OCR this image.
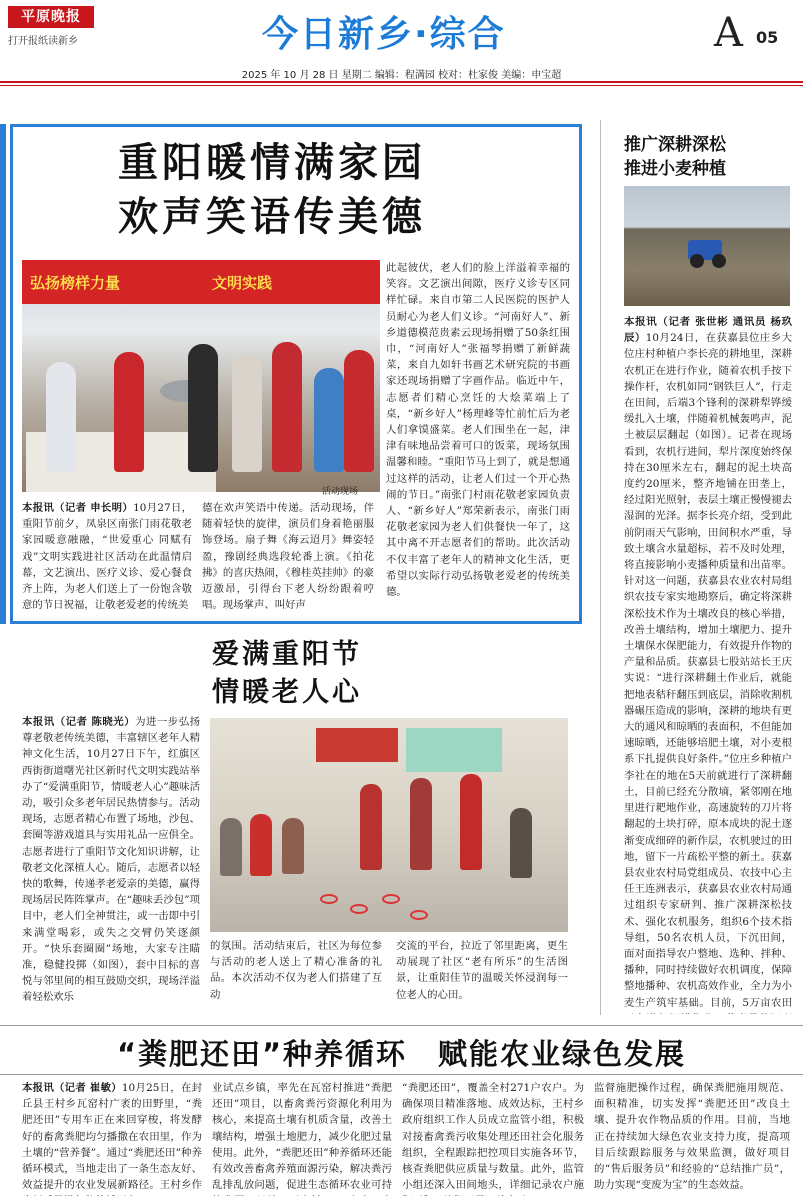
平原晚报
打开报纸读新乡	今日新乡·综合	A 05
2025 年 10 月 28 日 星期二 编辑：程满园 校对：杜家俊 美编：申宝超
重阳暖情满家园
欢声笑语传美德
弘扬榜样力量	文明实践
活动现场
本报讯（记者 申长明）10月27日，重阳节前夕，凤泉区南张门雨花敬老家园暖意融融，“世爱重心 同赋有戏”文明实践进社区活动在此温情启幕，文艺演出、医疗义诊、爱心餐食齐上阵，为老人们送上了一份饱含敬意的节日祝福，让敬老爱老的传统美
德在欢声笑语中传递。活动现场，伴随着轻快的旋律，演员们身着艳丽服饰登场。扇子舞《海云迢月》舞姿轻盈，豫剧经典选段轮番上演。《拍花拂》的喜庆热闹，《穆桂英挂帅》的豪迈激昂，引得台下老人纷纷跟着哼唱。现场掌声、叫好声
此起彼伏，老人们的脸上洋溢着幸福的笑容。文艺演出间隙，医疗义诊专区同样忙碌。来自市第二人民医院的医护人员耐心为老人们义诊。“河南好人”、新乡道德模范贵素云现场捐赠了50条红围巾，“河南好人”张福琴捐赠了新鲜蔬菜，来自九如轩书画艺术研究院的书画家还现场捐赠了字画作品。临近中午，志愿者们精心烹饪的大烩菜端上了桌，“新乡好人”杨理峰等忙前忙后为老人们拿馍盛菜。老人们围坐在一起，津津有味地品尝着可口的饭菜，现场氛围温馨和睦。“重阳节马上到了，就是想通过这样的活动，让老人们过一个开心热闹的节日。”南张门村雨花敬老家园负责人、“新乡好人”郑荣新表示，南张门雨花敬老家园为老人们供餐快一年了，这其中离不开志愿者们的帮助。此次活动不仅丰富了老年人的精神文化生活，更希望以实际行动弘扬敬老爱老的传统美德。
爱满重阳节
情暖老人心
本报讯（记者 陈晓光）为进一步弘扬尊老敬老传统美德，丰富辖区老年人精神文化生活，10月27日下午，红旗区西街街道曙光社区新时代文明实践站举办了“爱满重阳节，情暖老人心”趣味活动，吸引众多老年居民热情参与。活动现场，志愿者精心布置了场地，沙包、套圈等游戏道具与实用礼品一应俱全。志愿者进行了重阳节文化知识讲解，让敬老文化深植人心。随后，志愿者以轻快的歌舞，传递孝老爱亲的美德，赢得现场居民阵阵掌声。在“趣味丢沙包”项目中，老人们全神贯注，或一击即中引来满堂喝彩，或失之交臂仍笑逐颜开。“快乐套圈圈”场地，大家专注瞄准，稳健投掷（如图），套中目标的喜悦与邻里间的相互鼓励交织，现场洋溢着轻松欢乐
的氛围。活动结束后，社区为每位参与活动的老人送上了精心准备的礼品。本次活动不仅为老人们搭建了互动
交流的平台，拉近了邻里距离，更生动展现了社区“老有所乐”的生活图景，让重阳佳节的温暖关怀浸润每一位老人的心田。
推广深耕深松
推进小麦种植
本报讯（记者 张世彬 通讯员 杨玖辰）10月24日，在获嘉县位庄乡大位庄村种植户李长亮的耕地里，深耕农机正在进行作业，随着农机手按下操作杆，农机如同“钢铁巨人”，行走在田间，后端3个锋利的深耕犁铧缓缓扎入土壤，伴随着机械轰鸣声，泥土被层层翻起（如图）。记者在现场看到，农机行进间，犁片深度始终保持在30厘米左右，翻起的泥土块高度约20厘米，整齐地铺在田垄上，经过阳光照射，表层土壤正慢慢褪去湿润的光泽。据李长亮介绍，受到此前阴雨天气影响，田间积水严重，导致土壤含水量超标，若不及时处理，将直接影响小麦播种质量和出苗率。针对这一问题，获嘉县农业农村局组织农技专家实地勘察后，确定将深耕深松技术作为土壤改良的核心举措，改善土壤结构，增加土壤肥力、提升土壤保水保肥能力，有效提升作物的产量和品质。获嘉县七股站站长王庆实说：“进行深耕翻土作业后，就能把地表秸秆翻压到底层，消除收割机器碾压造成的影响，深耕的地块有更大的通风和晾晒的表面积，不但能加速晾晒，还能够培肥土壤，对小麦根系下扎提供良好条件。”位庄乡种植户李社在的地在5天前就进行了深耕翻土，目前已经充分散墒，紧邻刚在地里进行耙地作业，高速旋转的刀片将翻起的土块打碎，原本成块的泥土逐渐变成细碎的新作层，农机驶过的田地，留下一片疏松平整的新土。获嘉县农业农村局党组成员、农技中心主任王连洲表示，获嘉县农业农村局通过组织专家研判、推广深耕深松技术、强化农机服务，组织6个技术指导组，50名农机人员，下沉田间，面对面指导农户整地、选种、拌种、播种，同时持续做好农机调度，保障整地播种、农机高效作业，全力为小麦生产筑牢基础。目前，5万亩农田
“粪肥还田”种养循环　赋能农业绿色发展
本报讯（记者 崔敏）10月25日，在封丘县王村乡瓦窑村广袤的田野里，“粪肥还田”专用车正在来回穿梭，将发酵好的畜禽粪肥均匀播撒在农田里，作为土壤的“营养餐”。通过“粪肥还田”种养循环模式，当地走出了一条生态友好、效益提升的农业发展新路径。王村乡作
业试点乡镇，率先在瓦窑村推进“粪肥还田”项目，以畜禽粪污资源化利用为核心，来提高土壤有机质含量，改善土壤结构，增强土地肥力，减少化肥过量使用。此外，“粪肥还田”种养循环还能有效改善畜禽养殖面源污染，解决粪污乱排乱放问题，促进生态循环农业可持
“粪肥还田”，覆盖全村271户农户。为确保项目精准落地、成效达标，王村乡政府组织工作人员成立监管小组，积极对接畜禽粪污收集处理还田社会化服务组织，全程跟踪把控项目实施各环节，核查粪肥供应质量与数量。此外，监管小组还深入田间地头，详细记录农户施
监督施肥操作过程，确保粪肥施用规范、面积精准，切实发挥“粪肥还田”改良土壤、提升农作物品质的作用。目前，当地正在持续加大绿色农业支持力度，提高项目后续跟踪服务与效果监测，做好项目的“售后服务员”和经验的“总结推广员”，助力实现“变废为宝”的生态效益。
